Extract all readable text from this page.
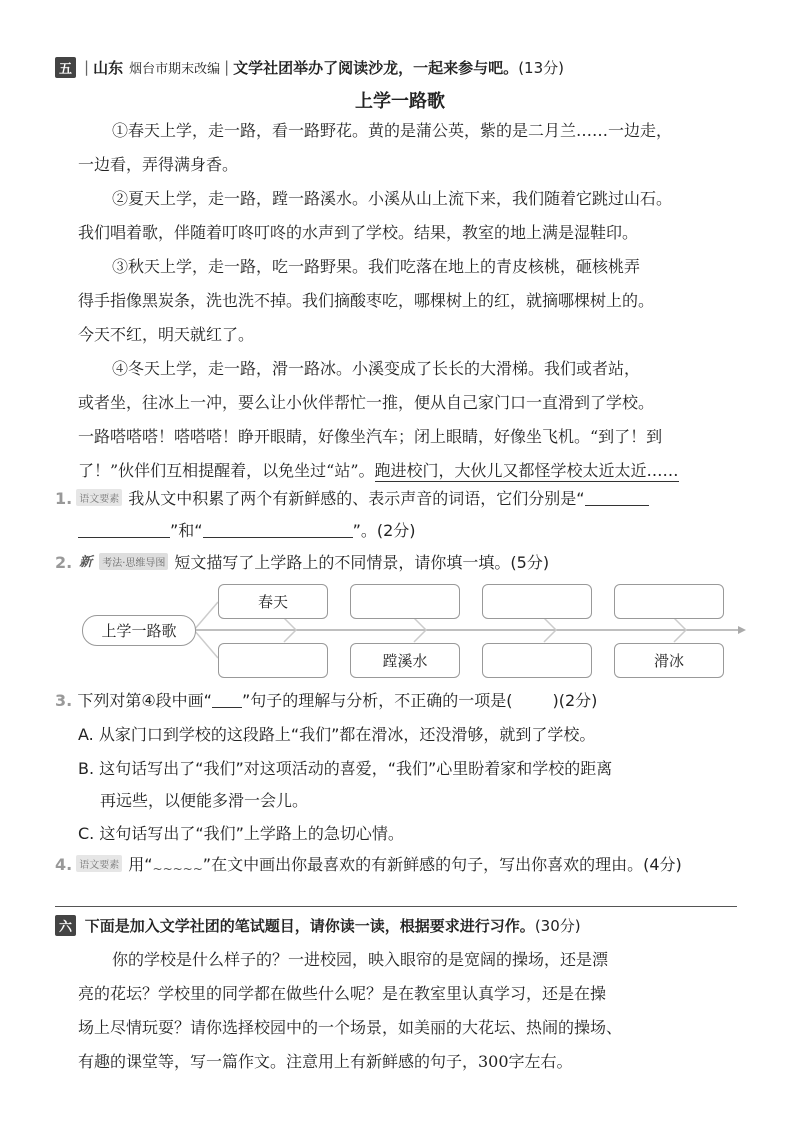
五 | 山东 烟台市期末改编 | 文学社团举办了阅读沙龙，一起来参与吧。 (13分)
上学一路歌
①春天上学，走一路，看一路野花。黄的是蒲公英，紫的是二月兰……一边走，
一边看，弄得满身香。
②夏天上学，走一路，蹚一路溪水。小溪从山上流下来，我们随着它跳过山石。
我们唱着歌，伴随着叮咚叮咚的水声到了学校。结果，教室的地上满是湿鞋印。
③秋天上学，走一路，吃一路野果。我们吃落在地上的青皮核桃，砸核桃弄
得手指像黑炭条，洗也洗不掉。我们摘酸枣吃，哪棵树上的红，就摘哪棵树上的。
今天不红，明天就红了。
④冬天上学，走一路，滑一路冰。小溪变成了长长的大滑梯。我们或者站，
或者坐，往冰上一冲，要么让小伙伴帮忙一推，便从自己家门口一直滑到了学校。
一路嗒嗒嗒！嗒嗒嗒！睁开眼睛，好像坐汽车；闭上眼睛，好像坐飞机。“到了！到
了！”伙伴们互相提醒着，以免坐过“站”。跑进校门，大伙儿又都怪学校太近太近……
1. 语文要素 我从文中积累了两个有新鲜感的、表示声音的词语，它们分别是“
”和“	”。(2分)
2. 新 考法·思维导图 短文描写了上学路上的不同情景，请你填一填。(5分)
上学一路歌
春天
蹚溪水	滑冰
3. 下列对第④段中画“ ”句子的理解与分析，不正确的一项是(	)(2分)
A. 从家门口到学校的这段路上“我们”都在滑冰，还没滑够，就到了学校。
B. 这句话写出了“我们”对这项活动的喜爱，“我们”心里盼着家和学校的距离
再远些，以便能多滑一会儿。
C. 这句话写出了“我们”上学路上的急切心情。
4. 语文要素 用“~~~~~”在文中画出你最喜欢的有新鲜感的句子，写出你喜欢的理由。(4分)
六 下面是加入文学社团的笔试题目，请你读一读，根据要求进行习作。(30分)
你的学校是什么样子的？一进校园，映入眼帘的是宽阔的操场，还是漂
亮的花坛？学校里的同学都在做些什么呢？是在教室里认真学习，还是在操
场上尽情玩耍？请你选择校园中的一个场景，如美丽的大花坛、热闹的操场、
有趣的课堂等，写一篇作文。注意用上有新鲜感的句子，300字左右。
